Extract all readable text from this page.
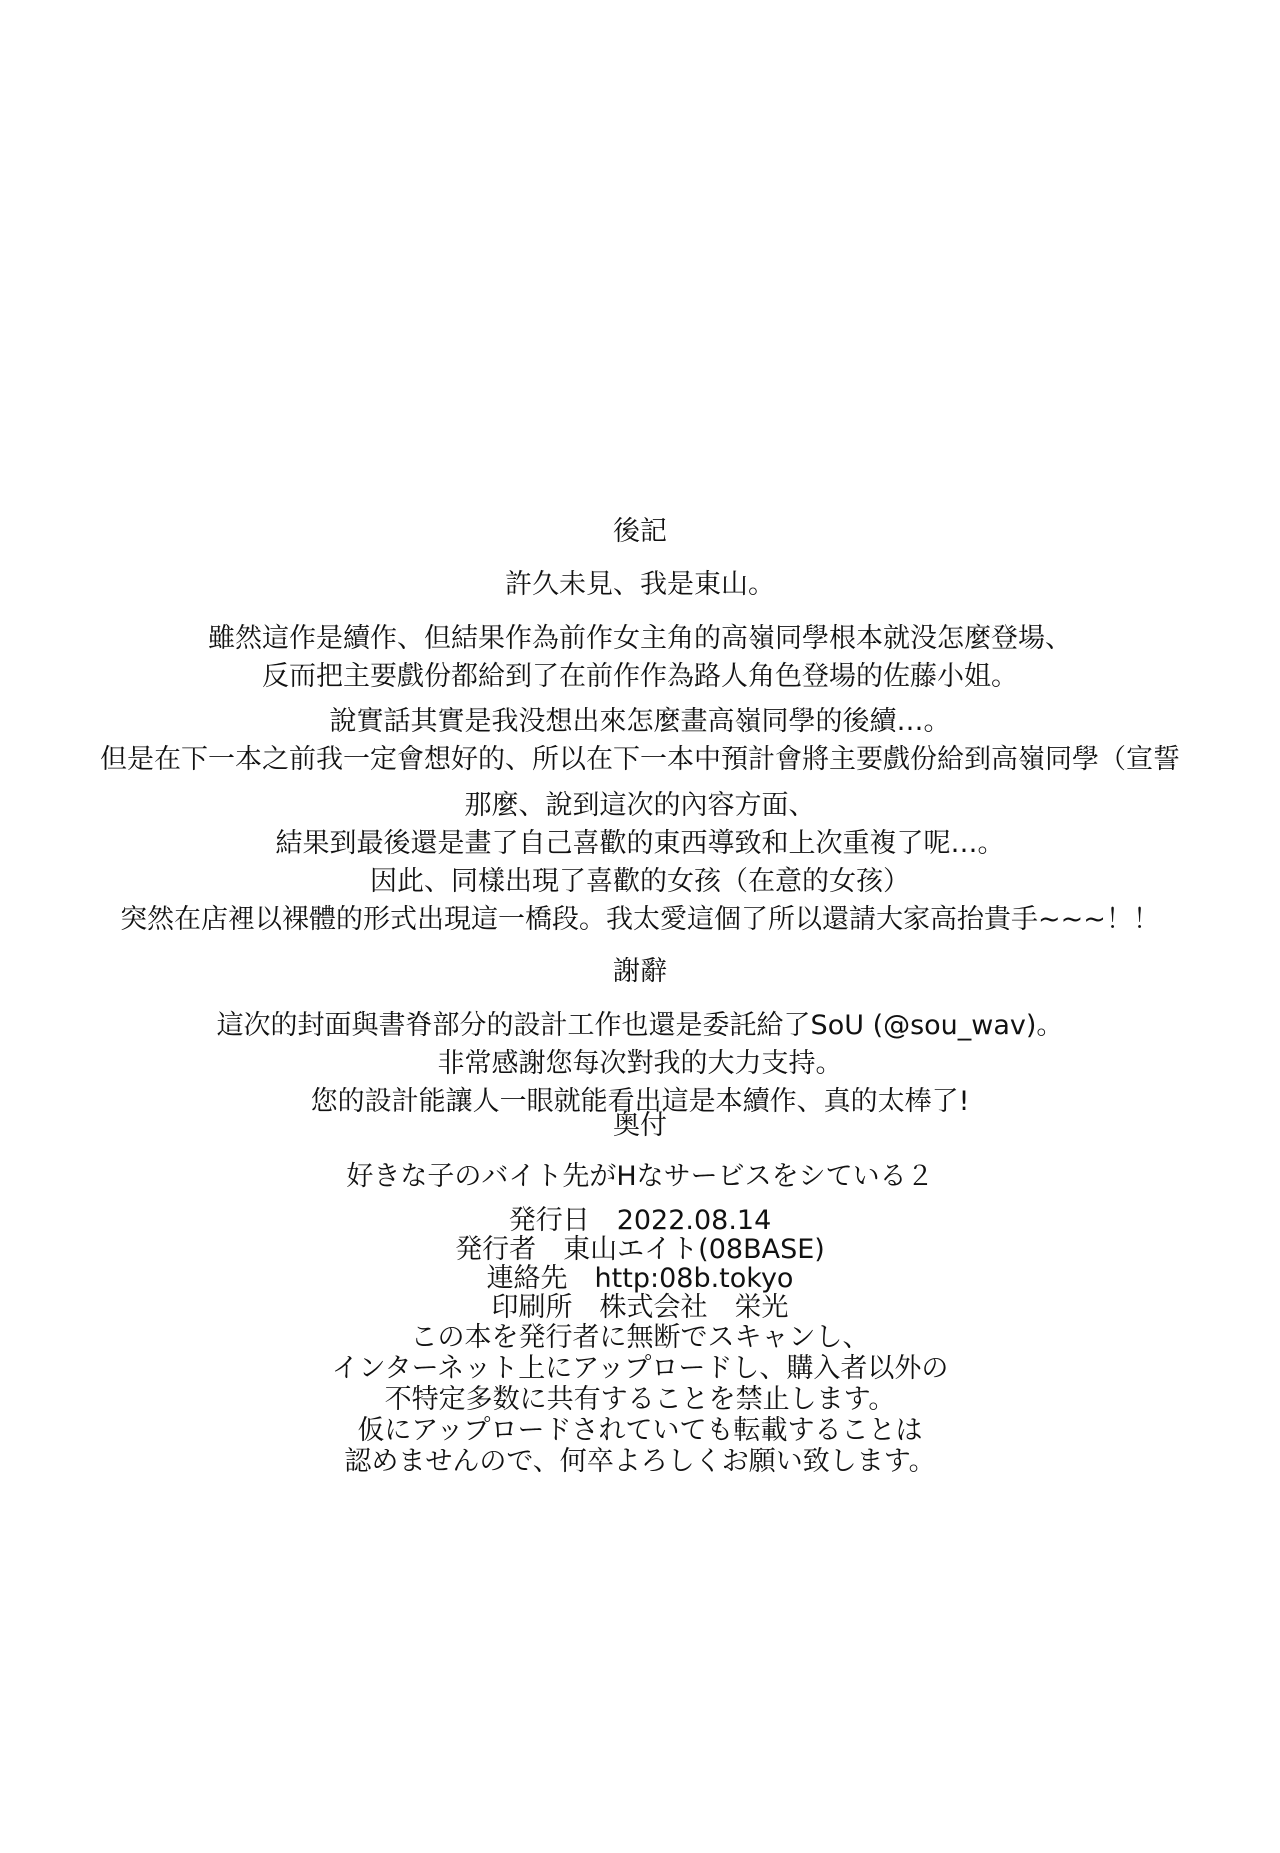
後記
許久未見、我是東山。
雖然這作是續作、但結果作為前作女主角的高嶺同學根本就没怎麼登場、
反而把主要戲份都給到了在前作作為路人角色登場的佐藤小姐。
說實話其實是我没想出來怎麼畫高嶺同學的後續…。
但是在下一本之前我一定會想好的、所以在下一本中預計會將主要戲份給到高嶺同學（宣誓
那麼、說到這次的內容方面、
結果到最後還是畫了自己喜歡的東西導致和上次重複了呢…。
因此、同樣出現了喜歡的女孩（在意的女孩）
突然在店裡以裸體的形式出現這一橋段。我太愛這個了所以還請大家高抬貴手~~~！！
謝辭
這次的封面與書脊部分的設計工作也還是委託給了SoU (@sou_wav)。
非常感謝您每次對我的大力支持。
您的設計能讓人一眼就能看出這是本續作、真的太棒了!
奥付
好きな子のバイト先がHなサービスをシている２
発行日　2022.08.14
発行者　東山エイト(08BASE)
連絡先　http:08b.tokyo
印刷所　株式会社　栄光
この本を発行者に無断でスキャンし、
インターネット上にアップロードし、購入者以外の
不特定多数に共有することを禁止します。
仮にアップロードされていても転載することは
認めませんので、何卒よろしくお願い致します。
